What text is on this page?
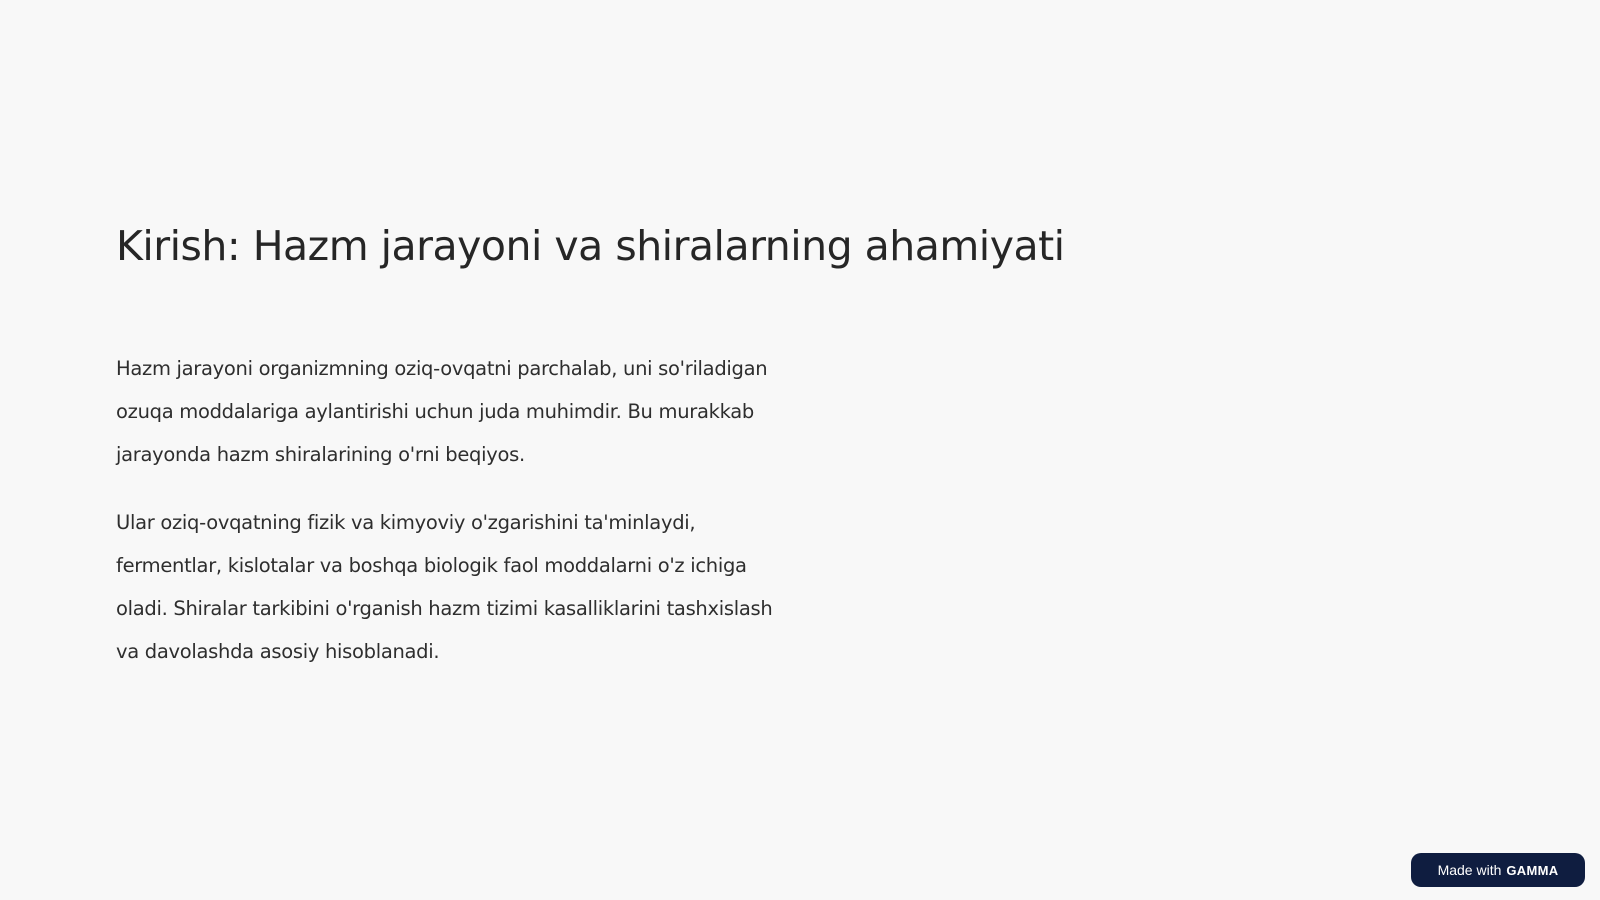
Kirish: Hazm jarayoni va shiralarning ahamiyati

Hazm jarayoni organizmning oziq-ovqatni parchalab, uni so'riladigan ozuqa moddalariga aylantirishi uchun juda muhimdir. Bu murakkab jarayonda hazm shiralarining o'rni beqiyos.

Ular oziq-ovqatning fizik va kimyoviy o'zgarishini ta'minlaydi, fermentlar, kislotalar va boshqa biologik faol moddalarni o'z ichiga oladi. Shiralar tarkibini o'rganish hazm tizimi kasalliklarini tashxislash va davolashda asosiy hisoblanadi.

Made with GAMMA
